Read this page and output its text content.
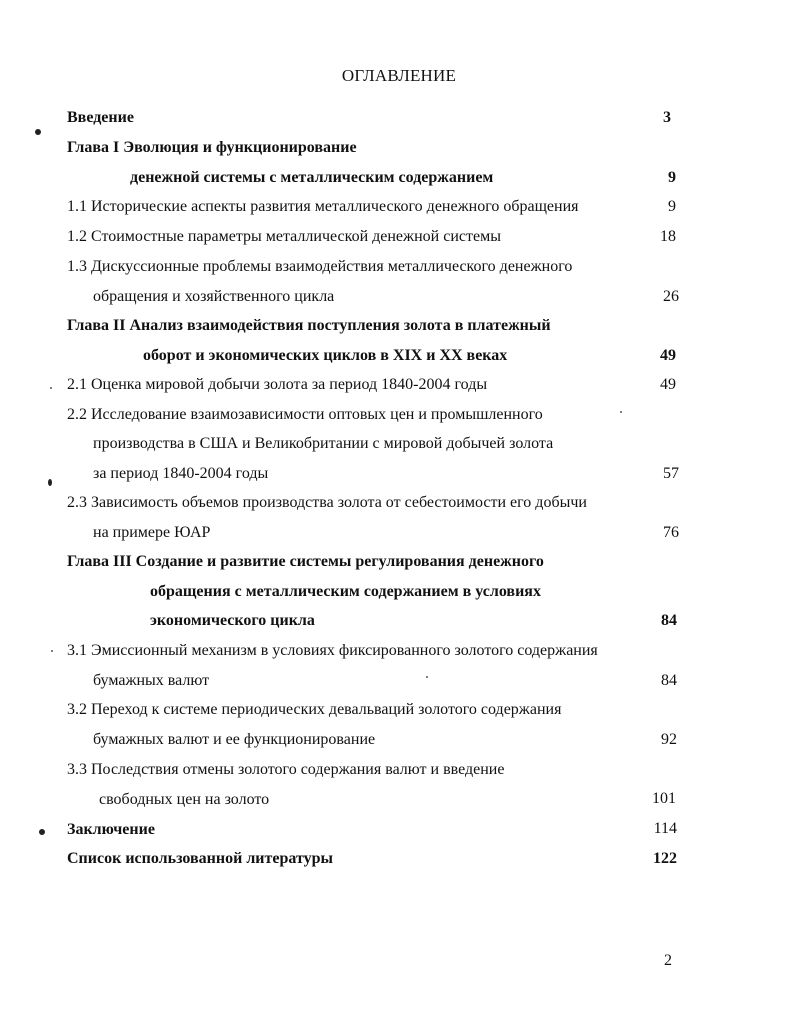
ОГЛАВЛЕНИЕ
Введение	3
Глава I Эволюция и функционирование
денежной системы с металлическим содержанием	9
1.1 Исторические аспекты развития металлического денежного обращения	9
1.2 Стоимостные параметры металлической денежной системы	18
1.3 Дискуссионные проблемы взаимодействия металлического денежного
обращения и хозяйственного цикла	26
Глава II Анализ взаимодействия поступления золота в платежный
оборот и экономических циклов в XIX и XX веках	49
2.1 Оценка мировой добычи золота за период 1840-2004 годы	49
2.2 Исследование взаимозависимости оптовых цен и промышленного
производства в США и Великобритании с мировой добычей золота
за период 1840-2004 годы	57
2.3 Зависимость объемов производства золота от себестоимости его добычи
на примере ЮАР	76
Глава III Создание и развитие системы регулирования денежного
обращения с металлическим содержанием в условиях
экономического цикла	84
3.1 Эмиссионный механизм в условиях фиксированного золотого содержания
бумажных валют	84
3.2 Переход к системе периодических девальваций золотого содержания
бумажных валют и ее функционирование	92
3.3 Последствия отмены золотого содержания валют и введение
свободных цен на золото	101
Заключение	114
Список использованной литературы	122
2
